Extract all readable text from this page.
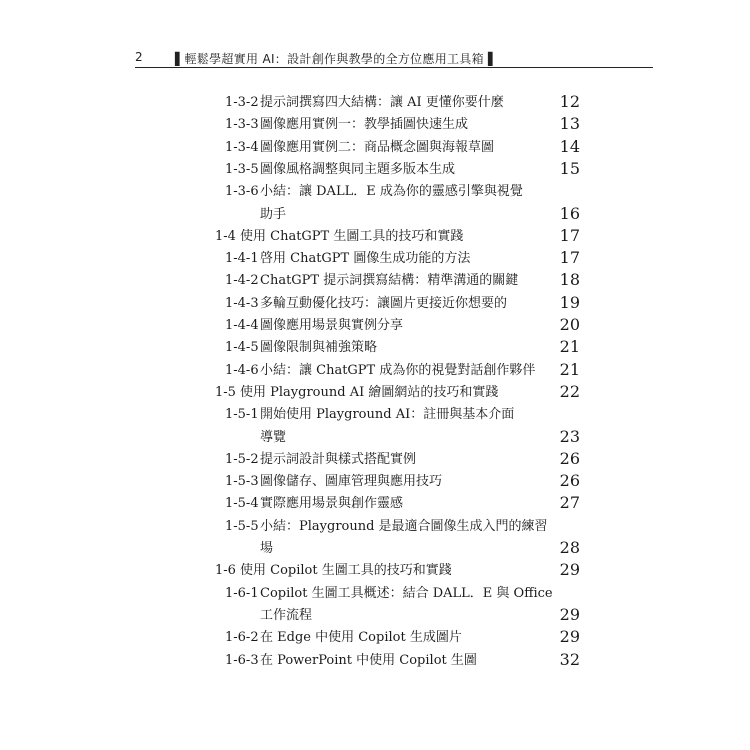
2	▌輕鬆學超實用 AI：設計創作與教學的全方位應用工具箱 ▌
1-3-2 提示詞撰寫四大結構：讓 AI 更懂你要什麼	12
1-3-3 圖像應用實例一：教學插圖快速生成	13
1-3-4 圖像應用實例二：商品概念圖與海報草圖	14
1-3-5 圖像風格調整與同主題多版本生成	15
1-3-6 小結：讓 DALL．E 成為你的靈感引擎與視覺
助手	16
1-4 使用 ChatGPT 生圖工具的技巧和實踐	17
1-4-1 啓用 ChatGPT 圖像生成功能的方法	17
1-4-2 ChatGPT 提示詞撰寫結構：精準溝通的關鍵	18
1-4-3 多輪互動優化技巧：讓圖片更接近你想要的	19
1-4-4 圖像應用場景與實例分享	20
1-4-5 圖像限制與補強策略	21
1-4-6 小結：讓 ChatGPT 成為你的視覺對話創作夥伴	21
1-5 使用 Playground AI 繪圖網站的技巧和實踐	22
1-5-1 開始使用 Playground AI：註冊與基本介面
導覽	23
1-5-2 提示詞設計與樣式搭配實例	26
1-5-3 圖像儲存、圖庫管理與應用技巧	26
1-5-4 實際應用場景與創作靈感	27
1-5-5 小結：Playground 是最適合圖像生成入門的練習
場	28
1-6 使用 Copilot 生圖工具的技巧和實踐	29
1-6-1 Copilot 生圖工具概述：結合 DALL．E 與 Office
工作流程	29
1-6-2 在 Edge 中使用 Copilot 生成圖片	29
1-6-3 在 PowerPoint 中使用 Copilot 生圖	32
